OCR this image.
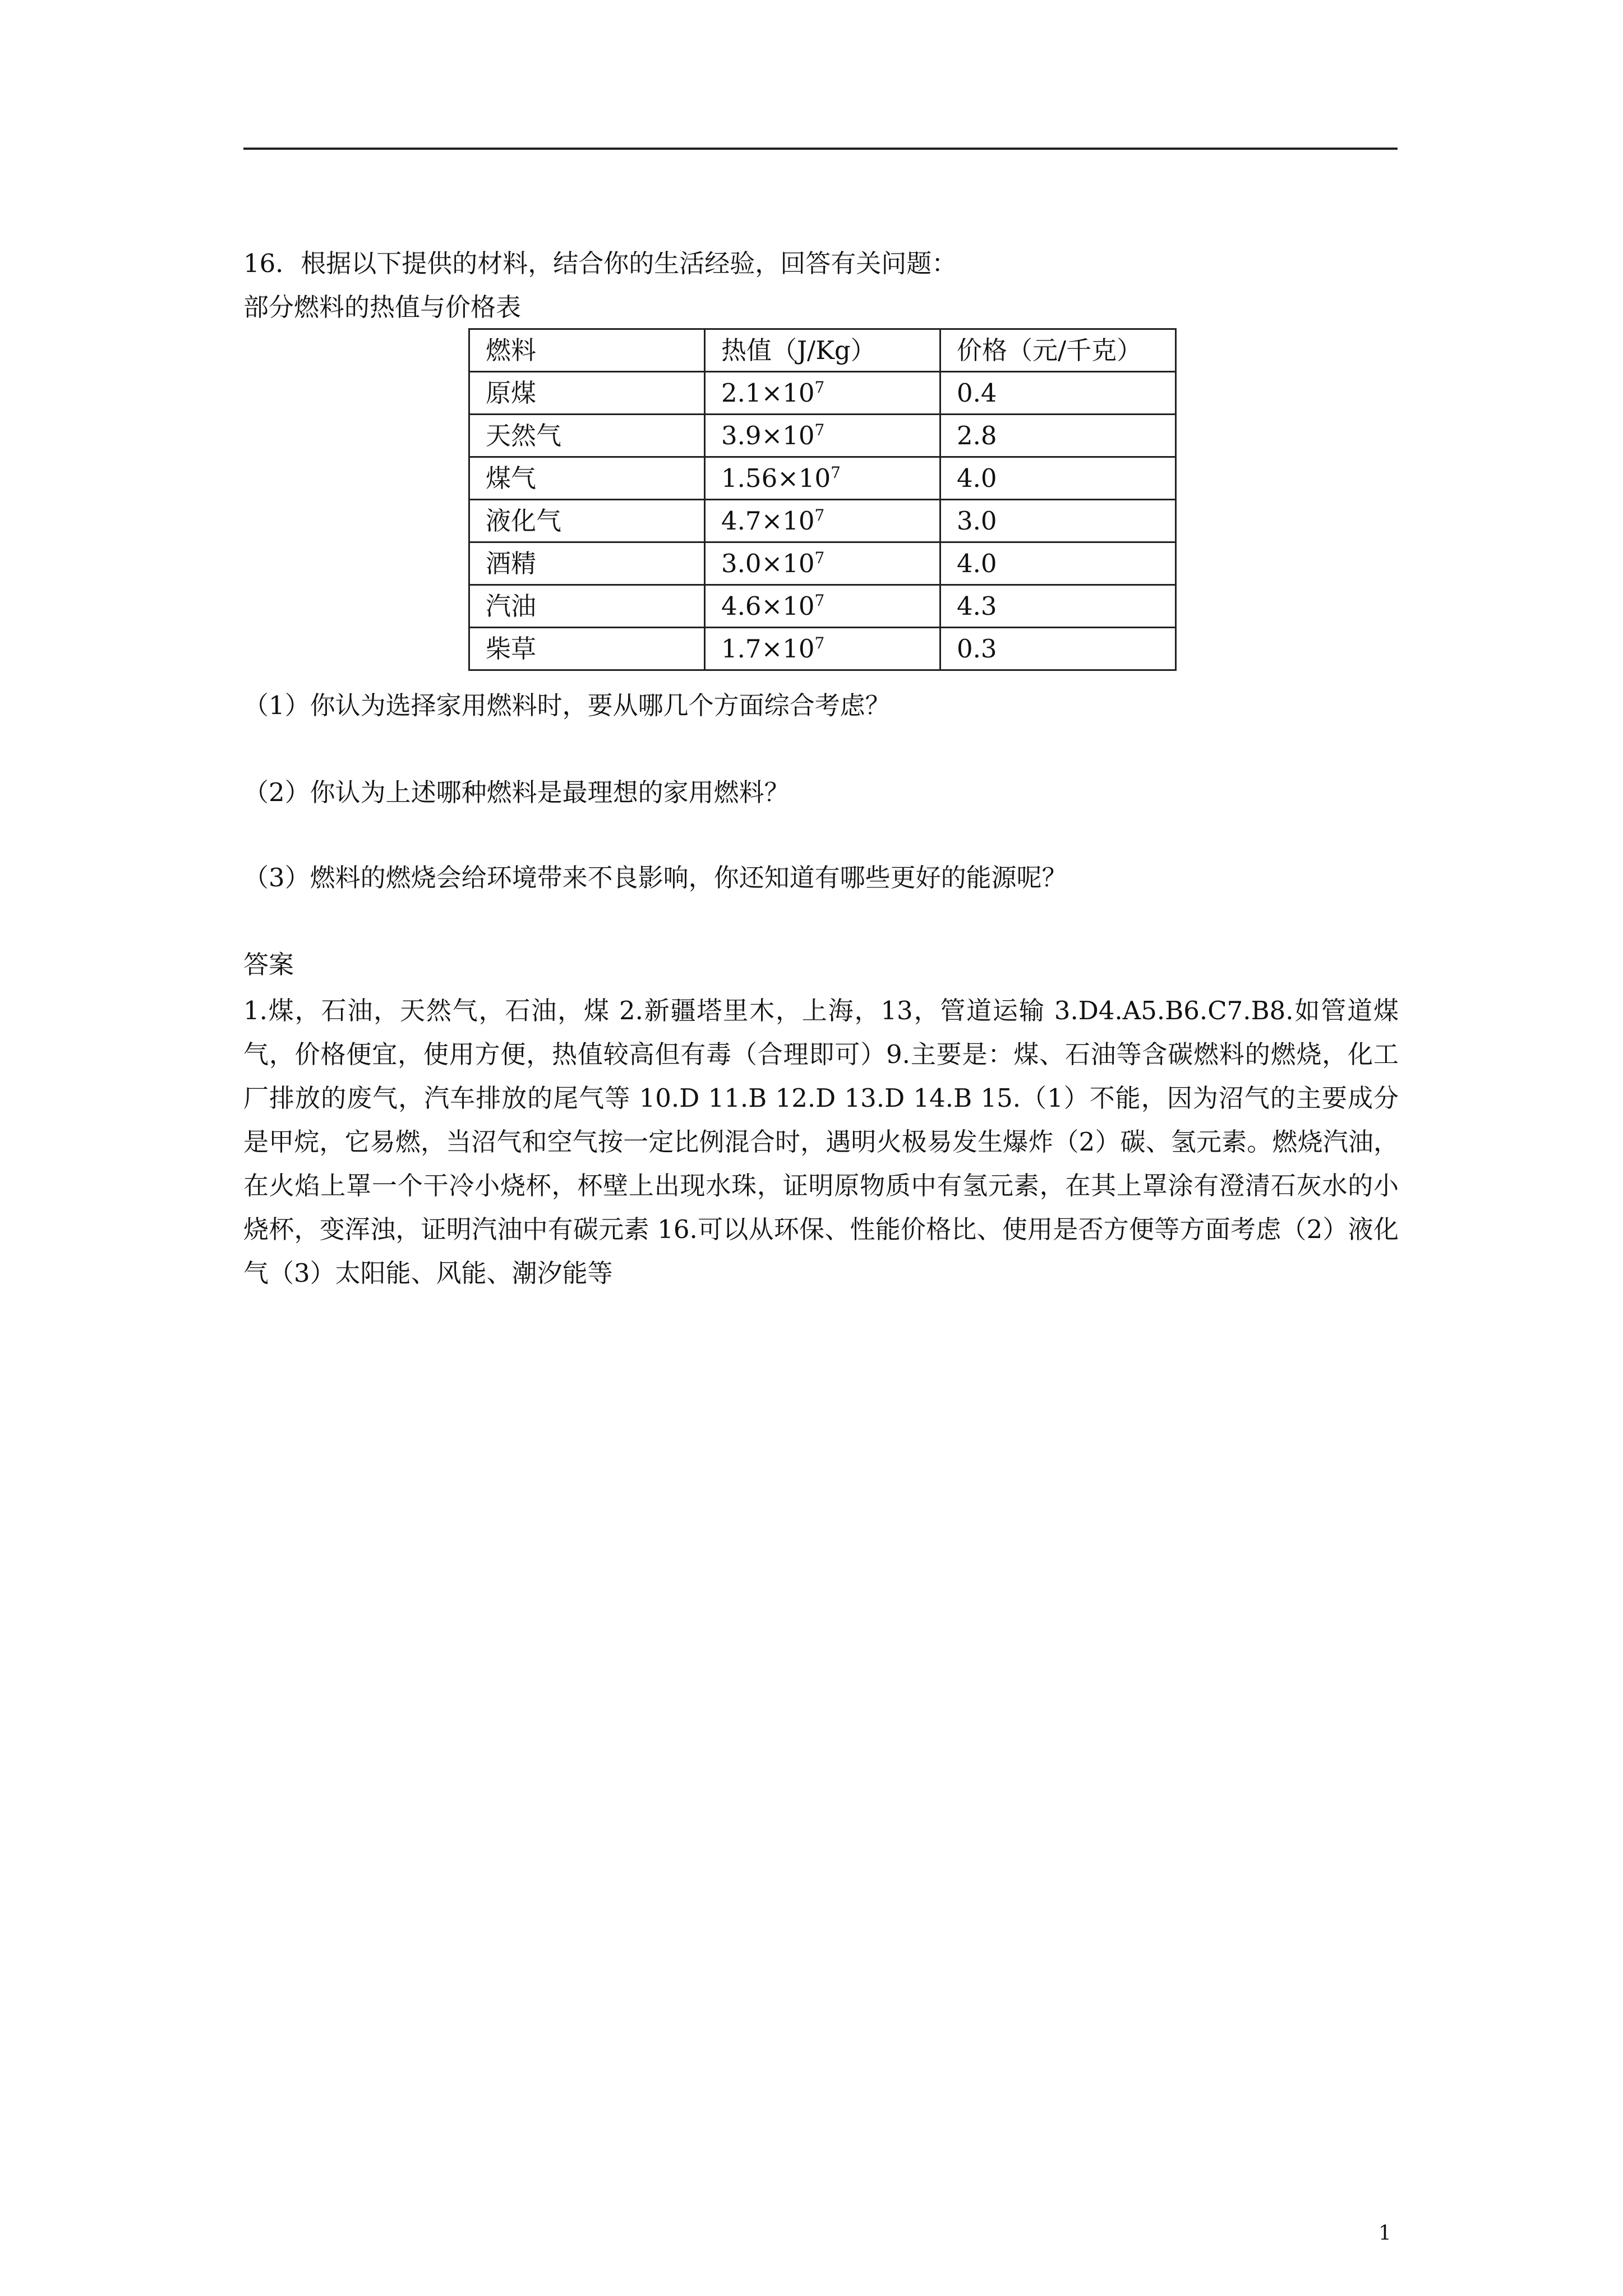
16．根据以下提供的材料，结合你的生活经验，回答有关问题：
部分燃料的热值与价格表
燃料	热值（J/Kg）	价格（元/千克）
原煤	$2.1\times 10^7$	0.4
天然气	$3.9\times 10^7$	2.8
煤气	$1.56\times 10^7$	4.0
液化气	$4.7\times 10^7$	3.0
酒精	$3.0\times 10^7$	4.0
汽油	$4.6\times 10^7$	4.3
柴草	$1.7\times 10^7$	0.3
（1）你认为选择家用燃料时，要从哪几个方面综合考虑？
（2）你认为上述哪种燃料是最理想的家用燃料？
（3）燃料的燃烧会给环境带来不良影响，你还知道有哪些更好的能源呢？
答案
1.煤，石油，天然气，石油，煤 2.新疆塔里木，上海，13，管道运输 3.D4.A5.B6.C7.B8.如管道煤气，价格便宜，使用方便，热值较高但有毒（合理即可）9.主要是：煤、石油等含碳燃料的燃烧，化工厂排放的废气，汽车排放的尾气等 10.D 11.B 12.D 13.D 14.B 15.（1）不能，因为沼气的主要成分是甲烷，它易燃，当沼气和空气按一定比例混合时，遇明火极易发生爆炸（2）碳、氢元素。燃烧汽油，在火焰上罩一个干冷小烧杯，杯壁上出现水珠，证明原物质中有氢元素，在其上罩涂有澄清石灰水的小烧杯，变浑浊，证明汽油中有碳元素 16.可以从环保、性能价格比、使用是否方便等方面考虑（2）液化气（3）太阳能、风能、潮汐能等
1
